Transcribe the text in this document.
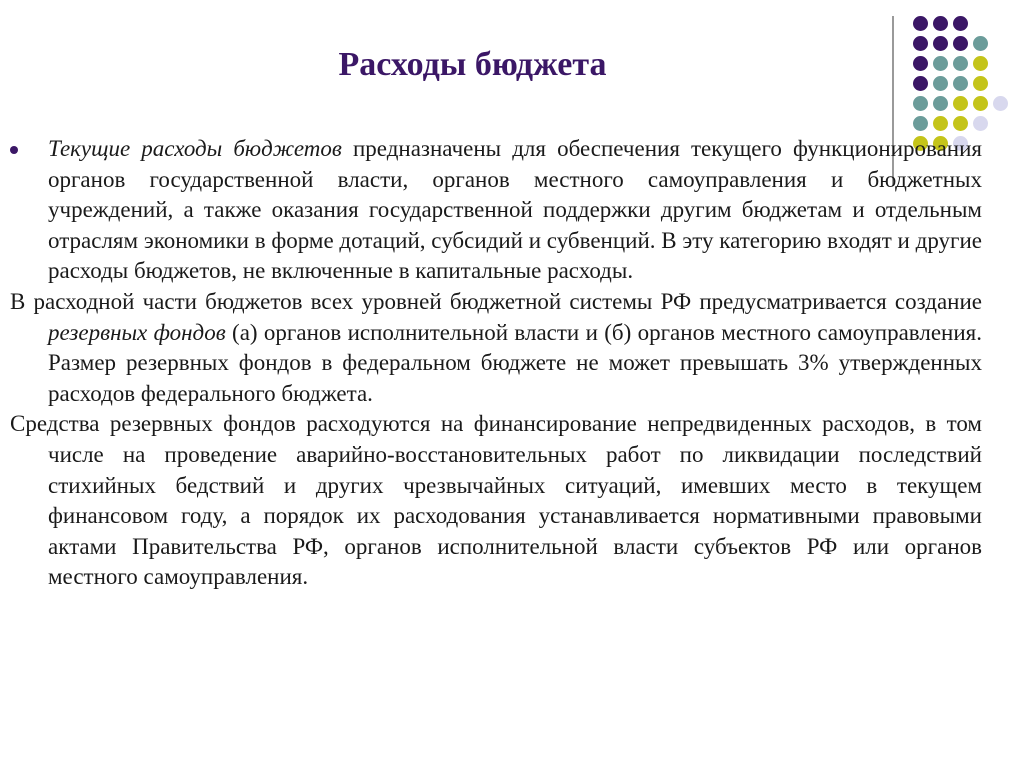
Расходы бюджета

Текущие расходы бюджетов предназначены для обеспечения текущего функционирования органов государственной власти, органов местного самоуправления и бюджетных учреждений, а также оказания государственной поддержки другим бюджетам и отдельным отраслям экономики в форме дотаций, субсидий и субвенций. В эту категорию входят и другие расходы бюджетов, не включенные в капитальные расходы.

В расходной части бюджетов всех уровней бюджетной системы РФ предусматривается создание резервных фондов (а) органов исполнительной власти и (б) органов местного самоуправления. Размер резервных фондов в федеральном бюджете не может превышать 3% утвержденных расходов федерального бюджета.

Средства резервных фондов расходуются на финансирование непредвиденных расходов, в том числе на проведение аварийно-восстановительных работ по ликвидации последствий стихийных бедствий и других чрезвычайных ситуаций, имевших место в текущем финансовом году, а порядок их расходования устанавливается нормативными правовыми актами Правительства РФ, органов исполнительной власти субъектов РФ или органов местного самоуправления.
